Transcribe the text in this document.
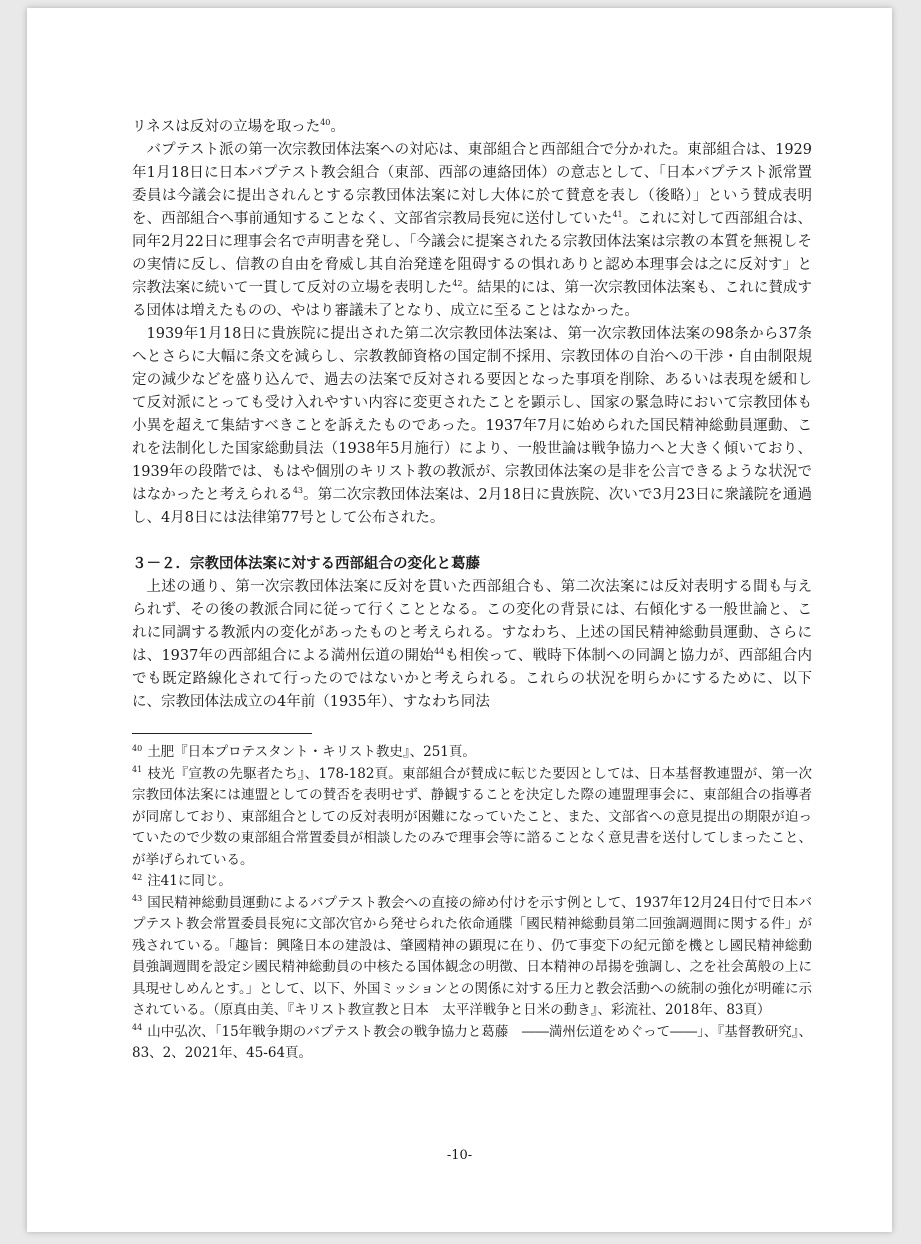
リネスは反対の立場を取った$^{40}$。

バプテスト派の第一次宗教団体法案への対応は、東部組合と西部組合で分かれた。東部組合は、1929年1月18日に日本バプテスト教会組合（東部、西部の連絡団体）の意志として、「日本バプテスト派常置委員は今議会に提出されんとする宗教団体法案に対し大体に於て賛意を表し（後略）」という賛成表明を、西部組合へ事前通知することなく、文部省宗教局長宛に送付していた$^{41}$。これに対して西部組合は、同年2月22日に理事会名で声明書を発し、「今議会に提案されたる宗教団体法案は宗教の本質を無視しその実情に反し、信教の自由を脅威し其自治発達を阻碍するの惧れありと認め本理事会は之に反対す」と宗教法案に続いて一貫して反対の立場を表明した$^{42}$。結果的には、第一次宗教団体法案も、これに賛成する団体は増えたものの、やはり審議未了となり、成立に至ることはなかった。

1939年1月18日に貴族院に提出された第二次宗教団体法案は、第一次宗教団体法案の98条から37条へとさらに大幅に条文を減らし、宗教教師資格の国定制不採用、宗教団体の自治への干渉・自由制限規定の減少などを盛り込んで、過去の法案で反対される要因となった事項を削除、あるいは表現を緩和して反対派にとっても受け入れやすい内容に変更されたことを顕示し、国家の緊急時において宗教団体も小異を超えて集結すべきことを訴えたものであった。1937年7月に始められた国民精神総動員運動、これを法制化した国家総動員法（1938年5月施行）により、一般世論は戦争協力へと大きく傾いており、1939年の段階では、もはや個別のキリスト教の教派が、宗教団体法案の是非を公言できるような状況ではなかったと考えられる$^{43}$。第二次宗教団体法案は、2月18日に貴族院、次いで3月23日に衆議院を通過し、4月8日には法律第77号として公布された。

３－２．宗教団体法案に対する西部組合の変化と葛藤

上述の通り、第一次宗教団体法案に反対を貫いた西部組合も、第二次法案には反対表明する間も与えられず、その後の教派合同に従って行くこととなる。この変化の背景には、右傾化する一般世論と、これに同調する教派内の変化があったものと考えられる。すなわち、上述の国民精神総動員運動、さらには、1937年の西部組合による満州伝道の開始$^{44}$も相俟って、戦時下体制への同調と協力が、西部組合内でも既定路線化されて行ったのではないかと考えられる。これらの状況を明らかにするために、以下に、宗教団体法成立の4年前（1935年）、すなわち同法

$^{40}$ 土肥『日本プロテスタント・キリスト教史』、251頁。

$^{41}$ 枝光『宣教の先駆者たち』、178-182頁。東部組合が賛成に転じた要因としては、日本基督教連盟が、第一次宗教団体法案には連盟としての賛否を表明せず、静観することを決定した際の連盟理事会に、東部組合の指導者が同席しており、東部組合としての反対表明が困難になっていたこと、また、文部省への意見提出の期限が迫っていたので少数の東部組合常置委員が相談したのみで理事会等に諮ることなく意見書を送付してしまったこと、が挙げられている。

$^{42}$ 注41に同じ。

$^{43}$ 国民精神総動員運動によるバプテスト教会への直接の締め付けを示す例として、1937年12月24日付で日本バプテスト教会常置委員長宛に文部次官から発せられた依命通牒「國民精神総動員第二回強調週間に関する件」が残されている。「趣旨：興隆日本の建設は、肇國精神の顕現に在り、仍て事変下の紀元節を機とし國民精神総動員強調週間を設定シ國民精神総動員の中核たる国体観念の明徴、日本精神の昂揚を強調し、之を社会萬般の上に具現せしめんとす。」として、以下、外国ミッションとの関係に対する圧力と教会活動への統制の強化が明確に示されている。（原真由美、『キリスト教宣教と日本　太平洋戦争と日米の動き』、彩流社、2018年、83頁）

$^{44}$ 山中弘次、「15年戦争期のバプテスト教会の戦争協力と葛藤　――満州伝道をめぐって――」、『基督教研究』、83、2、2021年、45-64頁。

-10-
